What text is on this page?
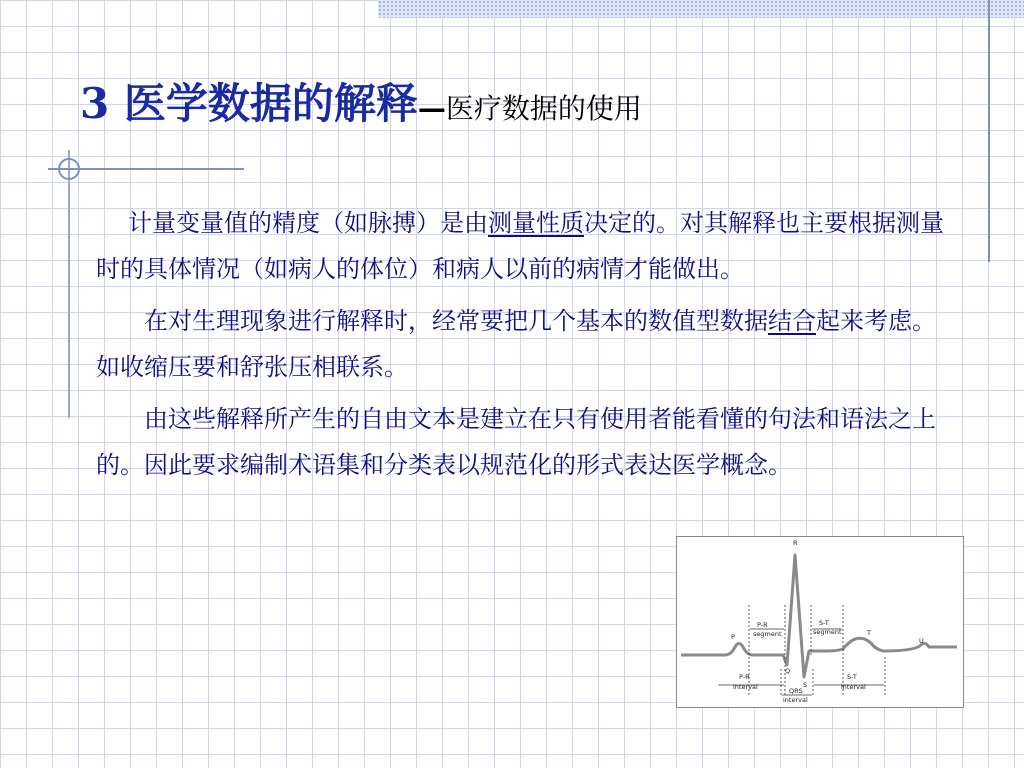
3 医学数据的解释—医疗数据的使用

计量变量值的精度（如脉搏）是由测量性质决定的。对其解释也主要根据测量时的具体情况（如病人的体位）和病人以前的病情才能做出。

在对生理现象进行解释时，经常要把几个基本的数值型数据结合起来考虑。如收缩压要和舒张压相联系。

由这些解释所产生的自由文本是建立在只有使用者能看懂的句法和语法之上的。因此要求编制术语集和分类表以规范化的形式表达医学概念。

R
P
Q
S
T
U
P-R
segment
S-T
segment
P-R
interval	QRS
interval
S-T
interval
